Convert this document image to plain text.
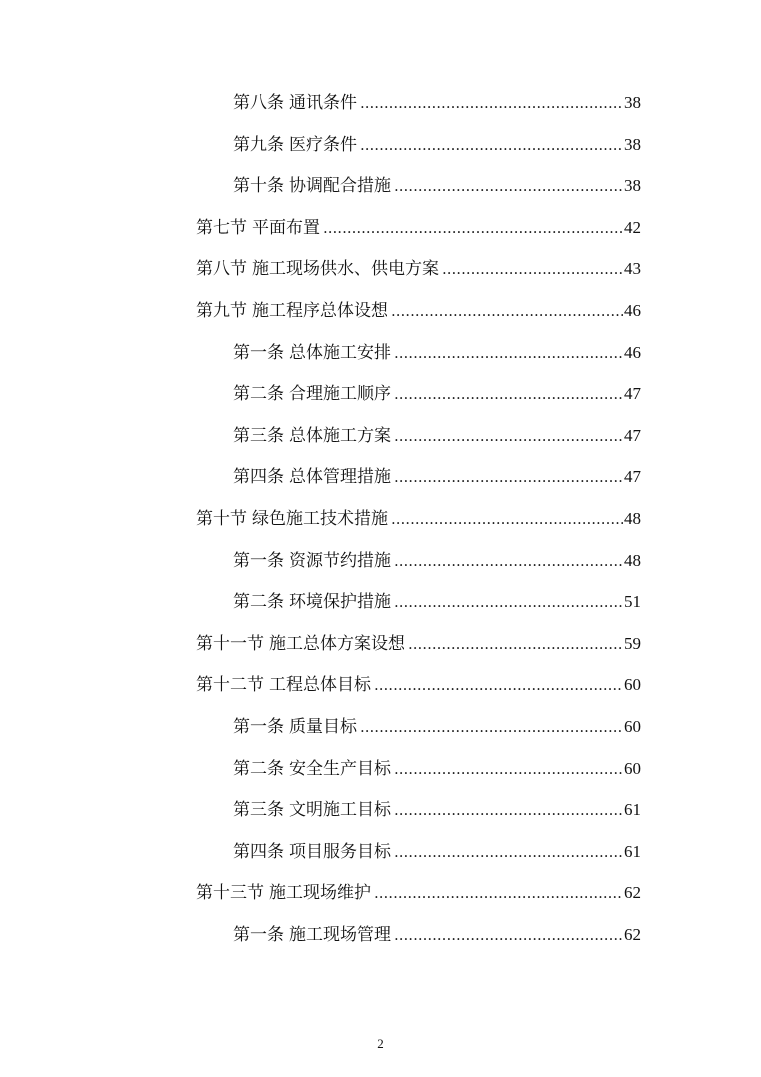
第八条 通讯条件 .....	38
第九条 医疗条件 .....	38
第十条 协调配合措施 .....	38
第七节 平面布置 .....	42
第八节 施工现场供水、供电方案 .....	43
第九节 施工程序总体设想 .....	46
第一条 总体施工安排 .....	46
第二条 合理施工顺序 .....	47
第三条 总体施工方案 .....	47
第四条 总体管理措施 .....	47
第十节 绿色施工技术措施 .....	48
第一条 资源节约措施 .....	48
第二条 环境保护措施 .....	51
第十一节 施工总体方案设想 .....	59
第十二节 工程总体目标 .....	60
第一条 质量目标 .....	60
第二条 安全生产目标 .....	60
第三条 文明施工目标 .....	61
第四条 项目服务目标 .....	61
第十三节 施工现场维护 .....	62
第一条 施工现场管理 .....	62
2
